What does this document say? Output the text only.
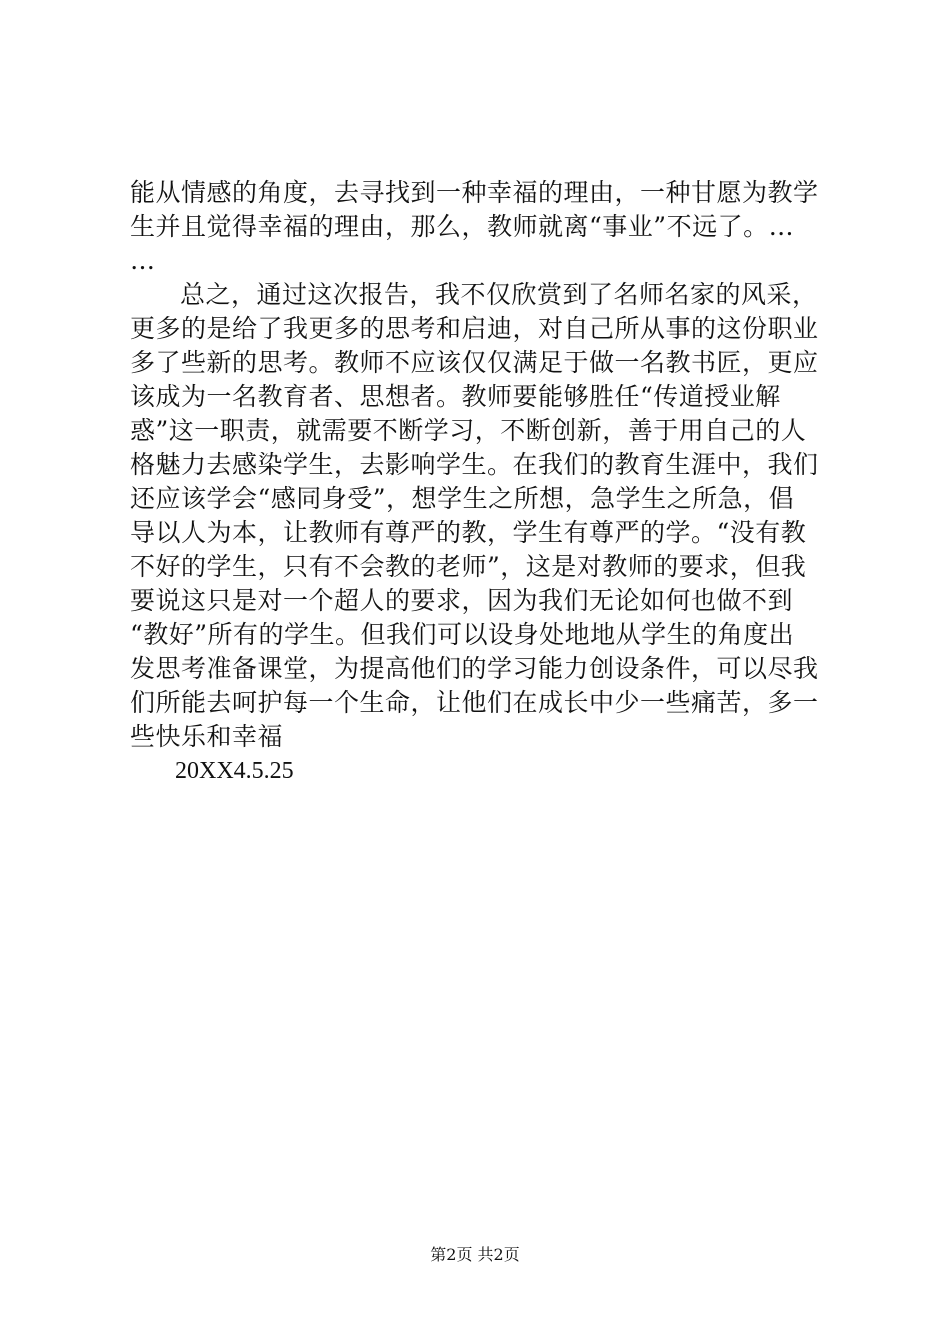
能从情感的角度，去寻找到一种幸福的理由，一种甘愿为教学
生并且觉得幸福的理由，那么，教师就离“事业”不远了。…
…
总之，通过这次报告，我不仅欣赏到了名师名家的风采，
更多的是给了我更多的思考和启迪，对自己所从事的这份职业
多了些新的思考。教师不应该仅仅满足于做一名教书匠，更应
该成为一名教育者、思想者。教师要能够胜任“传道授业解
惑”这一职责，就需要不断学习，不断创新，善于用自己的人
格魅力去感染学生，去影响学生。在我们的教育生涯中，我们
还应该学会“感同身受”，想学生之所想，急学生之所急，倡
导以人为本，让教师有尊严的教，学生有尊严的学。“没有教
不好的学生，只有不会教的老师”，这是对教师的要求，但我
要说这只是对一个超人的要求，因为我们无论如何也做不到
“教好”所有的学生。但我们可以设身处地地从学生的角度出
发思考准备课堂，为提高他们的学习能力创设条件，可以尽我
们所能去呵护每一个生命，让他们在成长中少一些痛苦，多一
些快乐和幸福
20XX4.5.25
第2页 共2页
